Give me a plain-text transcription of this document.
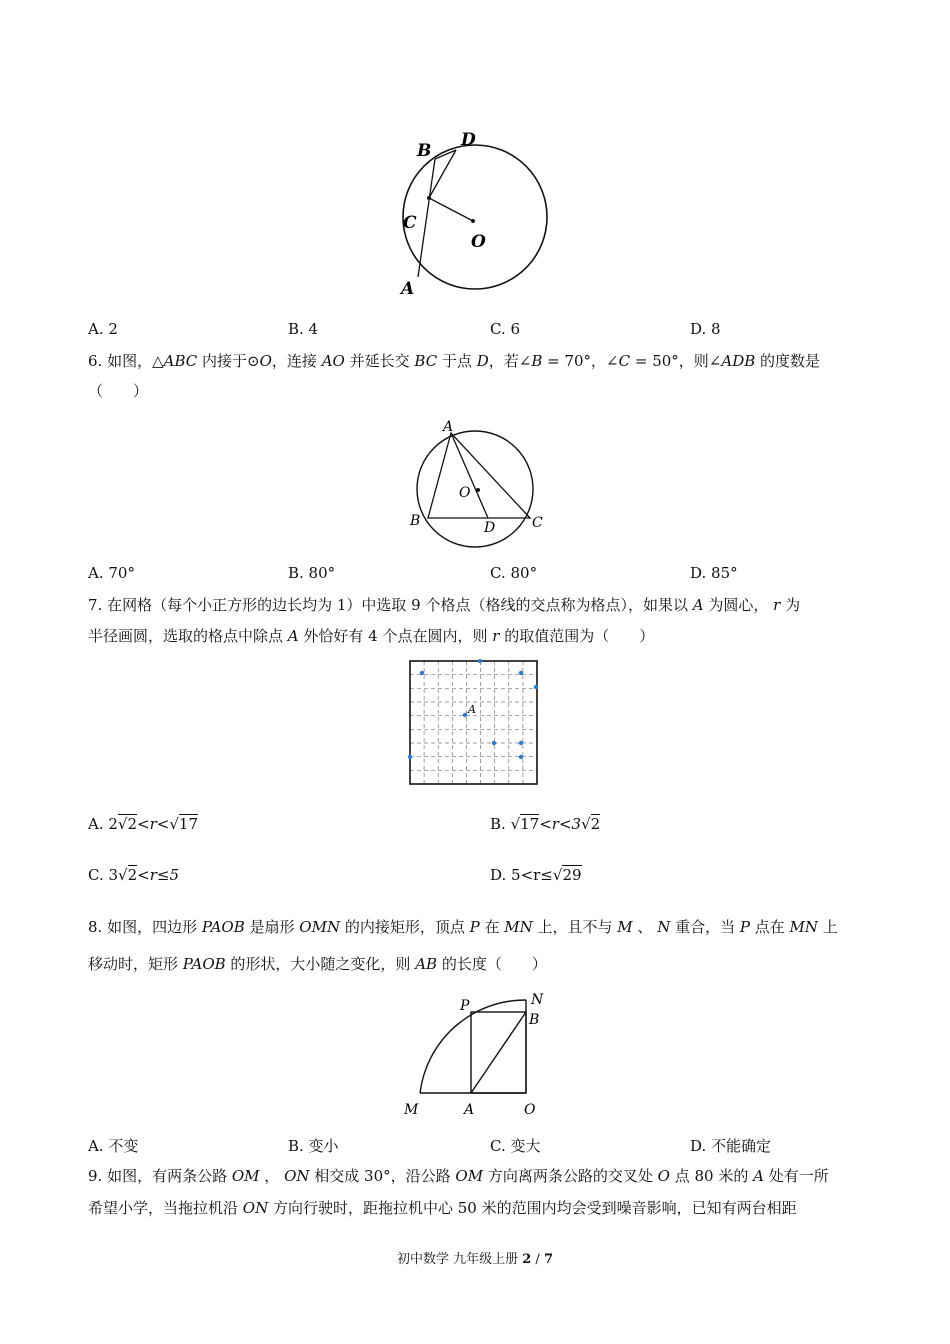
B
D
C
O
A
A. 2	B. 4	C. 6	D. 8
6. 如图，△ABC 内接于⊙O，连接 AO 并延长交 BC 于点 D，若∠B = 70°，∠C = 50°，则∠ADB 的度数是
（　　）
A
O
B	D	C
A. 70°	B. 80°	C. 80°	D. 85°
7. 在网格（每个小正方形的边长均为 1）中选取 9 个格点（格线的交点称为格点），如果以 A 为圆心， r 为
半径画圆，选取的格点中除点 A 外恰好有 4 个点在圆内，则 r 的取值范围为（　　）
A
A. 2√2<r<√17	B. √17<r<3√2
C. 3√2<r≤5	D. 5<r≤√29
8. 如图，四边形 PAOB 是扇形 OMN 的内接矩形，顶点 P 在 MN 上，且不与 M 、 N 重合，当 P 点在 MN 上
移动时，矩形 PAOB 的形状，大小随之变化，则 AB 的长度（　　）
P	N
B
M	A	O
A. 不变	B. 变小	C. 变大	D. 不能确定
9. 如图，有两条公路 OM ， ON 相交成 30°，沿公路 OM 方向离两条公路的交叉处 O 点 80 米的 A 处有一所
希望小学，当拖拉机沿 ON 方向行驶时，距拖拉机中心 50 米的范围内均会受到噪音影响，已知有两台相距
初中数学 九年级上册 2 / 7
